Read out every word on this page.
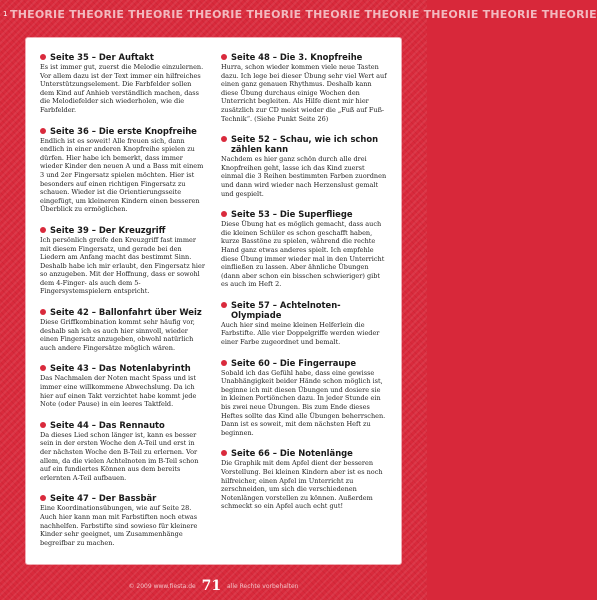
1 THEORIE THEORIE THEORIE THEORIE THEORIE THEORIE THEORIE THEORIE THEORIE THEORIE
Seite 35 – Der Auftakt
Es ist immer gut, zuerst die Melodie einzulernen. Vor allem dazu ist der Text immer ein hilfreiches Unterstützungselement. Die Farbfelder sollen dem Kind auf Anhieb verständlich machen, dass die Melodiefelder sich wiederholen, wie die Farbfelder.
Seite 36 – Die erste Knopfreihe
Endlich ist es soweit! Alle freuen sich, dann endlich in einer anderen Knopfreihe spielen zu dürfen. Hier habe ich bemerkt, dass immer wieder Kinder den neuen A und a Bass mit einem 3 und 2er Fingersatz spielen möchten. Hier ist besonders auf einen richtigen Fingersatz zu schauen. Wieder ist die Orientierungsseite eingefügt, um kleineren Kindern einen besseren Überblick zu ermöglichen.
Seite 39 – Der Kreuzgriff
Ich persönlich greife den Kreuzgriff fast immer mit diesem Fingersatz, und gerade bei den Liedern am Anfang macht das bestimmt Sinn. Deshalb habe ich mir erlaubt, den Fingersatz hier so anzugeben. Mit der Hoffnung, dass er sowohl dem 4-Finger- als auch dem 5-Fingersystemspielern entspricht.
Seite 42 – Ballonfahrt über Weiz
Diese Griffkombination kommt sehr häufig vor, deshalb sah ich es auch hier sinnvoll, wieder einen Fingersatz anzugeben, obwohl natürlich auch andere Fingersätze möglich wären.
Seite 43 – Das Notenlabyrinth
Das Nachmalen der Noten macht Spass und ist immer eine willkommene Abwechslung. Da ich hier auf einen Takt verzichtet habe kommt jede Note (oder Pause) in ein leeres Taktfeld.
Seite 44 – Das Rennauto
Da dieses Lied schon länger ist, kann es besser sein in der ersten Woche den A-Teil und erst in der nächsten Woche den B-Teil zu erlernen. Vor allem, da die vielen Achtelnoten im B-Teil schon auf ein fundiertes Können aus dem bereits erlernten A-Teil aufbauen.
Seite 47 – Der Bassbär
Eine Koordinationsübungen, wie auf Seite 28. Auch hier kann man mit Farbstiften noch etwas nachhelfen. Farbstifte sind sowieso für kleinere Kinder sehr geeignet, um Zusammenhänge begreifbar zu machen.
Seite 48 – Die 3. Knopfreihe
Hurra, schon wieder kommen viele neue Tasten dazu. Ich lege bei dieser Übung sehr viel Wert auf einen ganz genauen Rhythmus. Deshalb kann diese Übung durchaus einige Wochen den Unterricht begleiten. Als Hilfe dient mir hier zusätzlich zur CD meist wieder die „Fuß auf Fuß-Technik“. (Siehe Punkt Seite 26)
Seite 52 – Schau, wie ich schon zählen kann
Nachdem es hier ganz schön durch alle drei Knopfreihen geht, lasse ich das Kind zuerst einmal die 3 Reihen bestimmten Farben zuordnen und dann wird wieder nach Herzenslust gemalt und gespielt.
Seite 53 – Die Superfliege
Diese Übung hat es möglich gemacht, dass auch die kleinen Schüler es schon geschafft haben, kurze Basstöne zu spielen, während die rechte Hand ganz etwas anderes spielt. Ich empfehle diese Übung immer wieder mal in den Unterricht einfließen zu lassen. Aber ähnliche Übungen (dann aber schon ein bisschen schwieriger) gibt es auch im Heft 2.
Seite 57 – Achtelnoten-Olympiade
Auch hier sind meine kleinen Helferlein die Farbstifte. Alle vier Doppelgriffe werden wieder einer Farbe zugeordnet und bemalt.
Seite 60 – Die Fingerraupe
Sobald ich das Gefühl habe, dass eine gewisse Unabhängigkeit beider Hände schon möglich ist, beginne ich mit diesen Übungen und dosiere sie in kleinen Portiönchen dazu. In jeder Stunde ein bis zwei neue Übungen. Bis zum Ende dieses Heftes sollte das Kind alle Übungen beherrschen. Dann ist es soweit, mit dem nächsten Heft zu beginnen.
Seite 66 – Die Notenlänge
Die Graphik mit dem Apfel dient der besseren Vorstellung. Bei kleinen Kindern aber ist es noch hilfreicher, einen Apfel im Unterricht zu zerschneiden, um sich die verschiedenen Notenlängen vorstellen zu können. Außerdem schmeckt so ein Apfel auch echt gut!
© 2009 www.fiesta.de 71 alle Rechte vorbehalten
